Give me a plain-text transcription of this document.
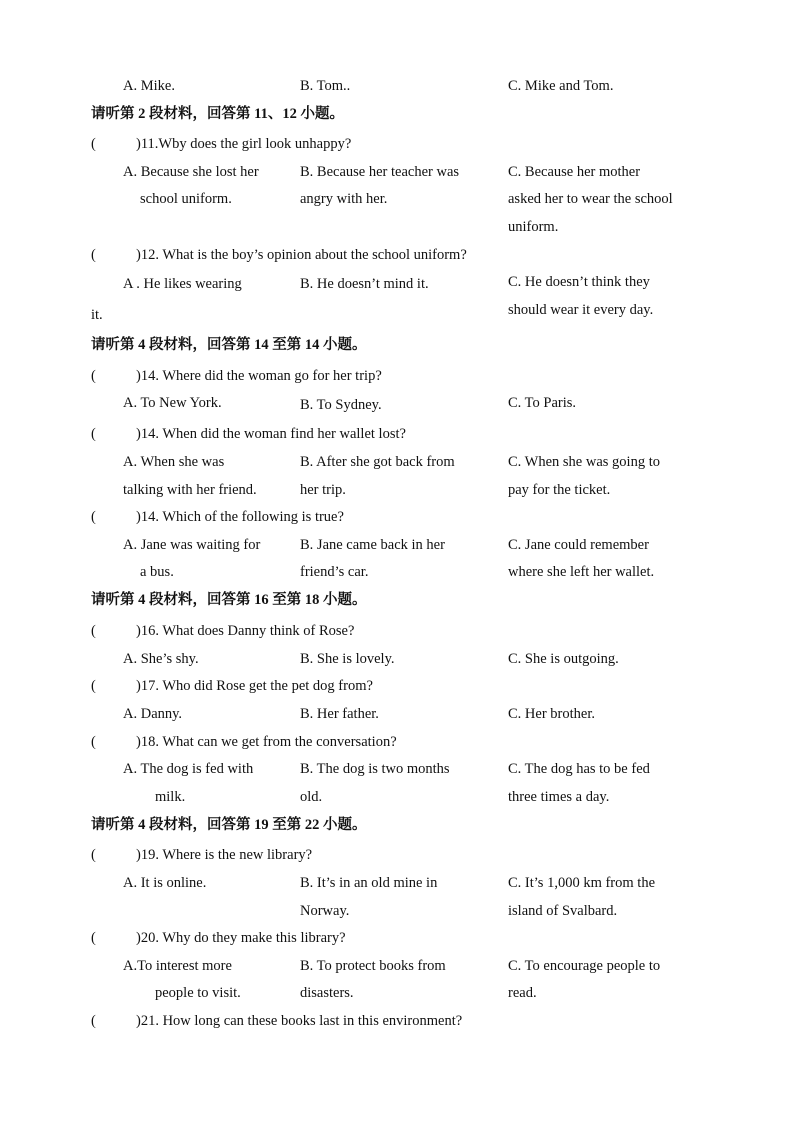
A. Mike.	B. Tom..	C. Mike and Tom.
请听第 2 段材料，回答第 11、12 小题。
(	)11.Wby does the girl look unhappy?
A. Because she lost her
school uniform.
B. Because her teacher was
angry with her.
C. Because her mother
asked her to wear the school
uniform.
(	)12. What is the boy’s opinion about the school uniform?
A . He likes wearing
it.
B. He doesn’t mind it.	C. He doesn’t think they
should wear it every day.
请听第 4 段材料，回答第 14 至第 14 小题。
(	)14. Where did the woman go for her trip?
A. To New York.	B. To Sydney.	C. To Paris.
(	)14. When did the woman find her wallet lost?
A. When she was
talking with her friend.
B. After she got back from
her trip.
C. When she was going to
pay for the ticket.
(	)14. Which of the following is true?
A. Jane was waiting for
a bus.
B. Jane came back in her
friend’s car.
C. Jane could remember
where she left her wallet.
请听第 4 段材料，回答第 16 至第 18 小题。
(	)16. What does Danny think of Rose?
A. She’s shy.	B. She is lovely.	C. She is outgoing.
(	)17. Who did Rose get the pet dog from?
A. Danny.	B. Her father.	C. Her brother.
(	)18. What can we get from the conversation?
A. The dog is fed with
milk.
B. The dog is two months
old.
C. The dog has to be fed
three times a day.
请听第 4 段材料，回答第 19 至第 22 小题。
(	)19. Where is the new library?
A. It is online.	B. It’s in an old mine in
Norway.
C. It’s 1,000 km from the
island of Svalbard.
(	)20. Why do they make this library?
A.To interest more
people to visit.
B. To protect books from
disasters.
C. To encourage people to
read.
(	)21. How long can these books last in this environment?
